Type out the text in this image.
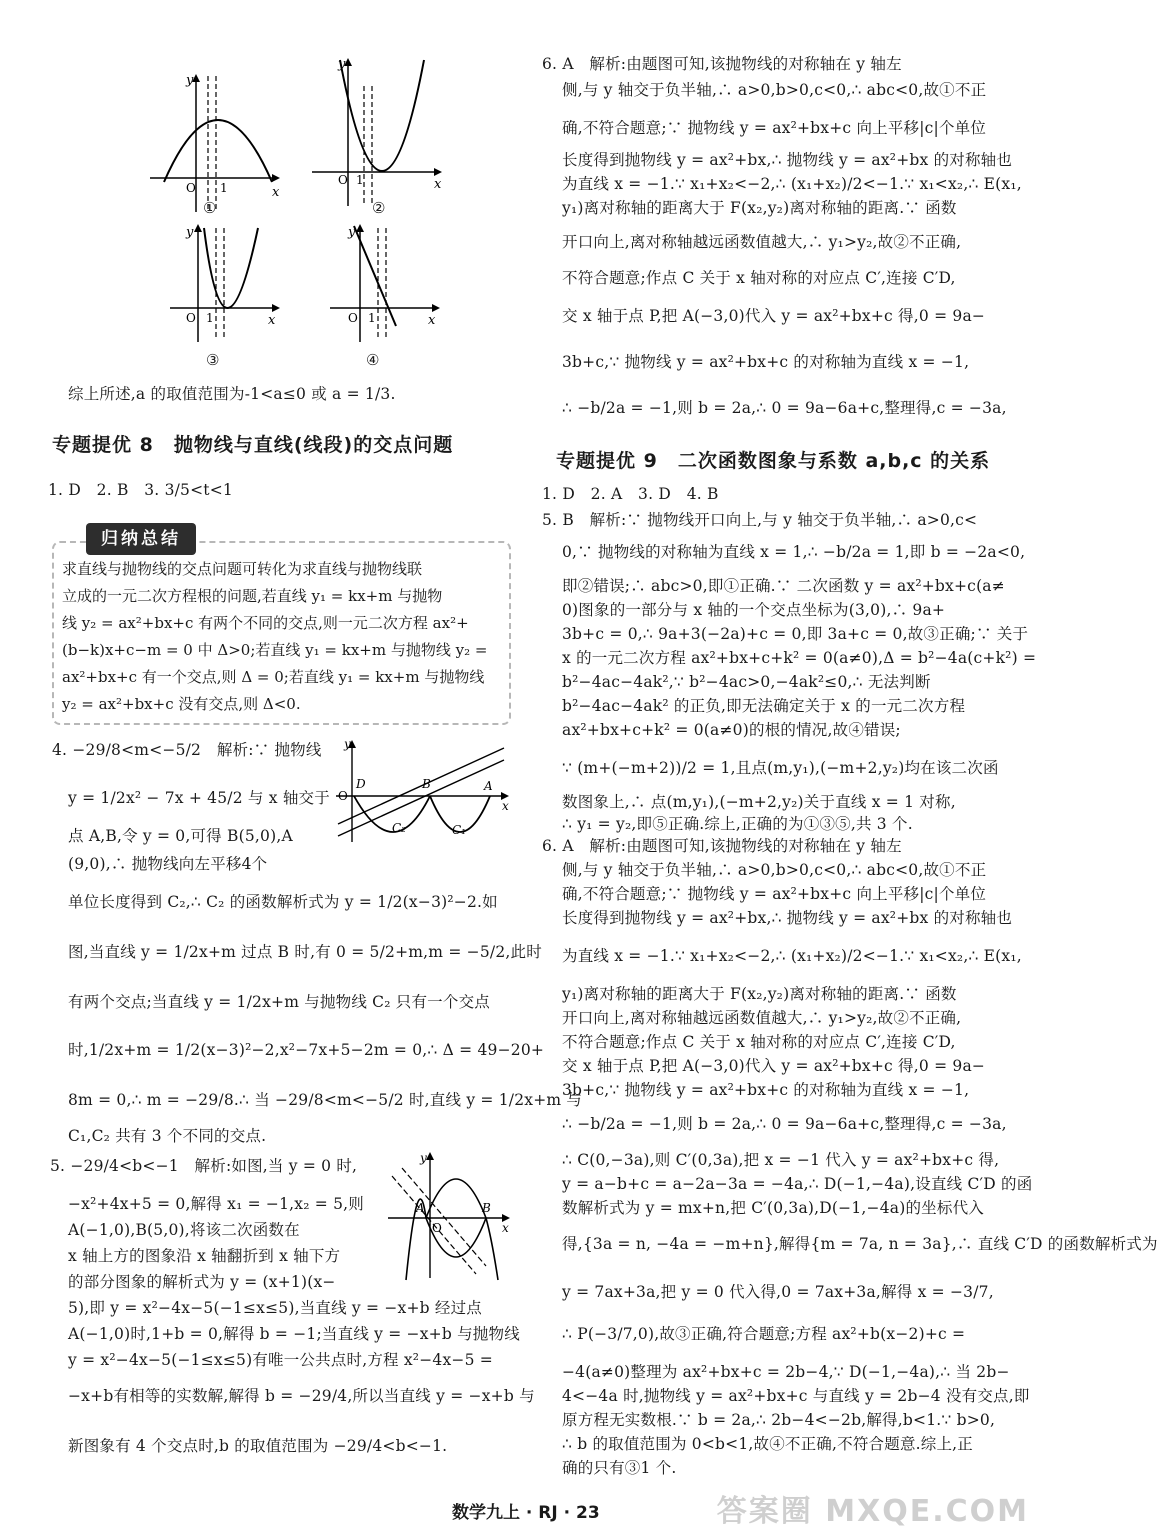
y
x
O 1
①
y
x
O 1
②
y
x
O 1
③
y
x
O 1
④
综上所述,a 的取值范围为-1<a≤0 或 a = 1/3.
专题提优 8　抛物线与直线(线段)的交点问题
1. D　2. B　3. 3/5<t<1
归纳总结
求直线与抛物线的交点问题可转化为求直线与抛物线联
立成的一元二次方程根的问题,若直线 y₁ = kx+m 与抛物
线 y₂ = ax²+bx+c 有两个不同的交点,则一元二次方程 ax²+
(b−k)x+c−m = 0 中 Δ>0;若直线 y₁ = kx+m 与抛物线 y₂ =
ax²+bx+c 有一个交点,则 Δ = 0;若直线 y₁ = kx+m 与抛物线
y₂ = ax²+bx+c 没有交点,则 Δ<0.
4. −29/8<m<−5/2　解析:∵ 抛物线
y = 1/2x² − 7x + 45/2 与 x 轴交于
点 A,B,令 y = 0,可得 B(5,0),A
(9,0),∴ 抛物线向左平移4个
单位长度得到 C₂,∴ C₂ 的函数解析式为 y = 1/2(x−3)²−2.如
图,当直线 y = 1/2x+m 过点 B 时,有 0 = 5/2+m,m = −5/2,此时
有两个交点;当直线 y = 1/2x+m 与抛物线 C₂ 只有一个交点
时,1/2x+m = 1/2(x−3)²−2,x²−7x+5−2m = 0,∴ Δ = 49−20+
8m = 0,∴ m = −29/8.∴ 当 −29/8<m<−5/2 时,直线 y = 1/2x+m 与
C₁,C₂ 共有 3 个不同的交点.
y
x
O
D	B	A
C₂	C₁
5. −29/4<b<−1　解析:如图,当 y = 0 时,
−x²+4x+5 = 0,解得 x₁ = −1,x₂ = 5,则
A(−1,0),B(5,0),将该二次函数在
x 轴上方的图象沿 x 轴翻折到 x 轴下方
的部分图象的解析式为 y = (x+1)(x−
5),即 y = x²−4x−5(−1≤x≤5),当直线 y = −x+b 经过点
A(−1,0)时,1+b = 0,解得 b = −1;当直线 y = −x+b 与抛物线
y = x²−4x−5(−1≤x≤5)有唯一公共点时,方程 x²−4x−5 =
−x+b有相等的实数解,解得 b = −29/4,所以当直线 y = −x+b 与
新图象有 4 个交点时,b 的取值范围为 −29/4<b<−1.
y
x
O
A	B
6. A　解析:由题图可知,该抛物线的对称轴在 y 轴左
侧,与 y 轴交于负半轴,∴ a>0,b>0,c<0,∴ abc<0,故①不正
确,不符合题意;∵ 抛物线 y = ax²+bx+c 向上平移|c|个单位
长度得到抛物线 y = ax²+bx,∴ 抛物线 y = ax²+bx 的对称轴也
为直线 x = −1.∵ x₁+x₂<−2,∴ (x₁+x₂)/2<−1.∵ x₁<x₂,∴ E(x₁,
y₁)离对称轴的距离大于 F(x₂,y₂)离对称轴的距离.∵ 函数
开口向上,离对称轴越远函数值越大,∴ y₁>y₂,故②不正确,
不符合题意;作点 C 关于 x 轴对称的对应点 C′,连接 C′D,
交 x 轴于点 P,把 A(−3,0)代入 y = ax²+bx+c 得,0 = 9a−
3b+c,∵ 抛物线 y = ax²+bx+c 的对称轴为直线 x = −1,
∴ −b/2a = −1,则 b = 2a,∴ 0 = 9a−6a+c,整理得,c = −3a,
专题提优 9　二次函数图象与系数 a,b,c 的关系
1. D　2. A　3. D　4. B
5. B　解析:∵ 抛物线开口向上,与 y 轴交于负半轴,∴ a>0,c<
0,∵ 抛物线的对称轴为直线 x = 1,∴ −b/2a = 1,即 b = −2a<0,
即②错误;∴ abc>0,即①正确.∵ 二次函数 y = ax²+bx+c(a≠
0)图象的一部分与 x 轴的一个交点坐标为(3,0),∴ 9a+
3b+c = 0,∴ 9a+3(−2a)+c = 0,即 3a+c = 0,故③正确;∵ 关于
x 的一元二次方程 ax²+bx+c+k² = 0(a≠0),Δ = b²−4a(c+k²) =
b²−4ac−4ak²,∵ b²−4ac>0,−4ak²≤0,∴ 无法判断
b²−4ac−4ak² 的正负,即无法确定关于 x 的一元二次方程
ax²+bx+c+k² = 0(a≠0)的根的情况,故④错误;
∵ (m+(−m+2))/2 = 1,且点(m,y₁),(−m+2,y₂)均在该二次函
数图象上,∴ 点(m,y₁),(−m+2,y₂)关于直线 x = 1 对称,
∴ y₁ = y₂,即⑤正确.综上,正确的为①③⑤,共 3 个.
6. A　解析:由题图可知,该抛物线的对称轴在 y 轴左
侧,与 y 轴交于负半轴,∴ a>0,b>0,c<0,∴ abc<0,故①不正
确,不符合题意;∵ 抛物线 y = ax²+bx+c 向上平移|c|个单位
长度得到抛物线 y = ax²+bx,∴ 抛物线 y = ax²+bx 的对称轴也
为直线 x = −1.∵ x₁+x₂<−2,∴ (x₁+x₂)/2<−1.∵ x₁<x₂,∴ E(x₁,
y₁)离对称轴的距离大于 F(x₂,y₂)离对称轴的距离.∵ 函数
开口向上,离对称轴越远函数值越大,∴ y₁>y₂,故②不正确,
不符合题意;作点 C 关于 x 轴对称的对应点 C′,连接 C′D,
交 x 轴于点 P,把 A(−3,0)代入 y = ax²+bx+c 得,0 = 9a−
3b+c,∵ 抛物线 y = ax²+bx+c 的对称轴为直线 x = −1,
∴ −b/2a = −1,则 b = 2a,∴ 0 = 9a−6a+c,整理得,c = −3a,
∴ C(0,−3a),则 C′(0,3a),把 x = −1 代入 y = ax²+bx+c 得,
y = a−b+c = a−2a−3a = −4a,∴ D(−1,−4a),设直线 C′D 的函
数解析式为 y = mx+n,把 C′(0,3a),D(−1,−4a)的坐标代入
得,{3a = n, −4a = −m+n},解得{m = 7a, n = 3a},∴ 直线 C′D 的函数解析式为
y = 7ax+3a,把 y = 0 代入得,0 = 7ax+3a,解得 x = −3/7,
∴ P(−3/7,0),故③正确,符合题意;方程 ax²+b(x−2)+c =
−4(a≠0)整理为 ax²+bx+c = 2b−4,∵ D(−1,−4a),∴ 当 2b−
4<−4a 时,抛物线 y = ax²+bx+c 与直线 y = 2b−4 没有交点,即
原方程无实数根.∵ b = 2a,∴ 2b−4<−2b,解得,b<1.∵ b>0,
∴ b 的取值范围为 0<b<1,故④不正确,不符合题意.综上,正
确的只有③1 个.
数学九上 · RJ · 23	答案圈 MXQE.COM
